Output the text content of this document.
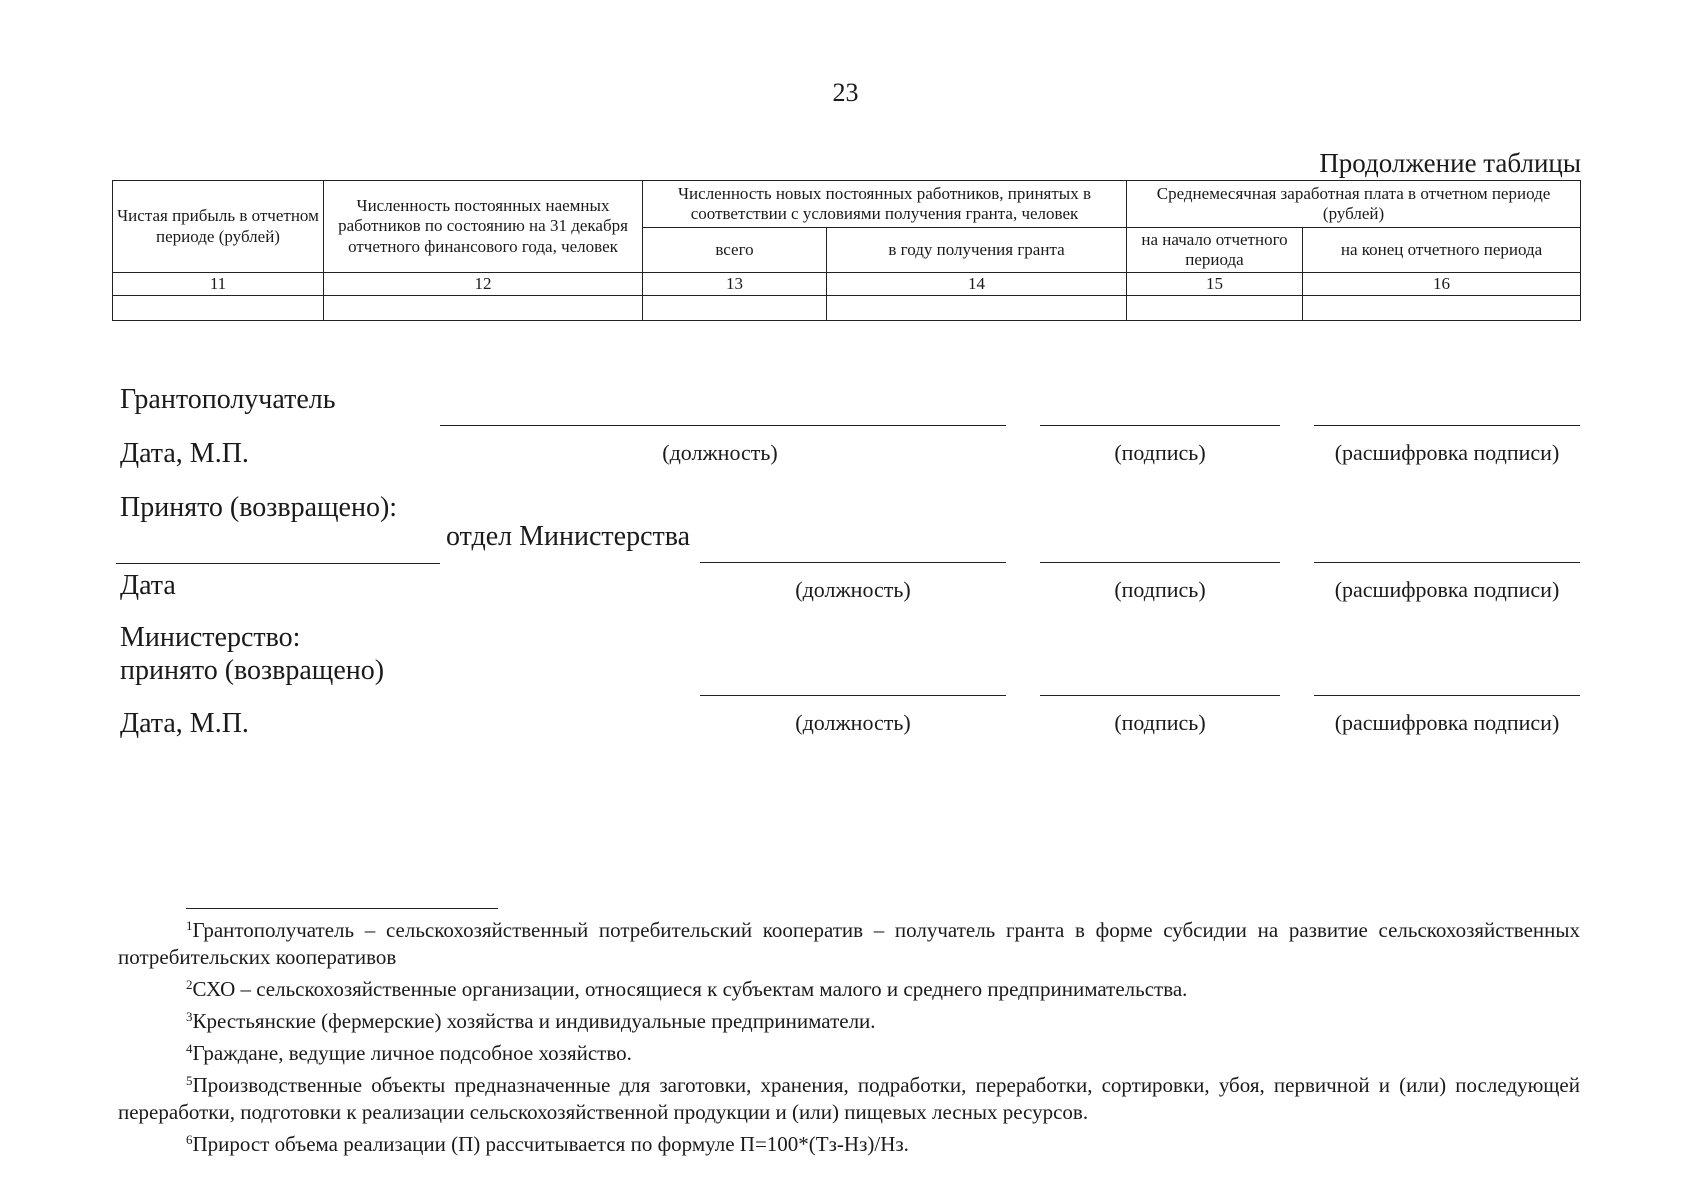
23
Продолжение таблицы
Чистая прибыль в отчетном периоде (рублей)	Численность постоянных наемных работников по состоянию на 31 декабря отчетного финансового года, человек	Численность новых постоянных работников, принятых в соответствии с условиями получения гранта, человек		Среднемесячная заработная плата в отчетном периоде (рублей)	
		всего	в году получения гранта	на начало отчетного периода	на конец отчетного периода
11	12	13	14	15	16

Грантополучатель
Дата, М.П.	(должность)	(подпись)	(расшифровка подписи)
Принято (возвращено):
отдел Министерства
Дата	(должность)	(подпись)	(расшифровка подписи)
Министерство:
принято (возвращено)
Дата, М.П.	(должность)	(подпись)	(расшифровка подписи)

$^1$Грантополучатель – сельскохозяйственный потребительский кооператив – получатель гранта в форме субсидии на развитие сельскохозяйственных потребительских кооперативов

$^2$СХО – сельскохозяйственные организации, относящиеся к субъектам малого и среднего предпринимательства.

$^3$Крестьянские (фермерские) хозяйства и индивидуальные предприниматели.

$^4$Граждане, ведущие личное подсобное хозяйство.

$^5$Производственные объекты предназначенные для заготовки, хранения, подработки, переработки, сортировки, убоя, первичной и (или) последующей переработки, подготовки к реализации сельскохозяйственной продукции и (или) пищевых лесных ресурсов.

$^6$Прирост объема реализации (П) рассчитывается по формуле П=100*(Тз-Нз)/Нз.
